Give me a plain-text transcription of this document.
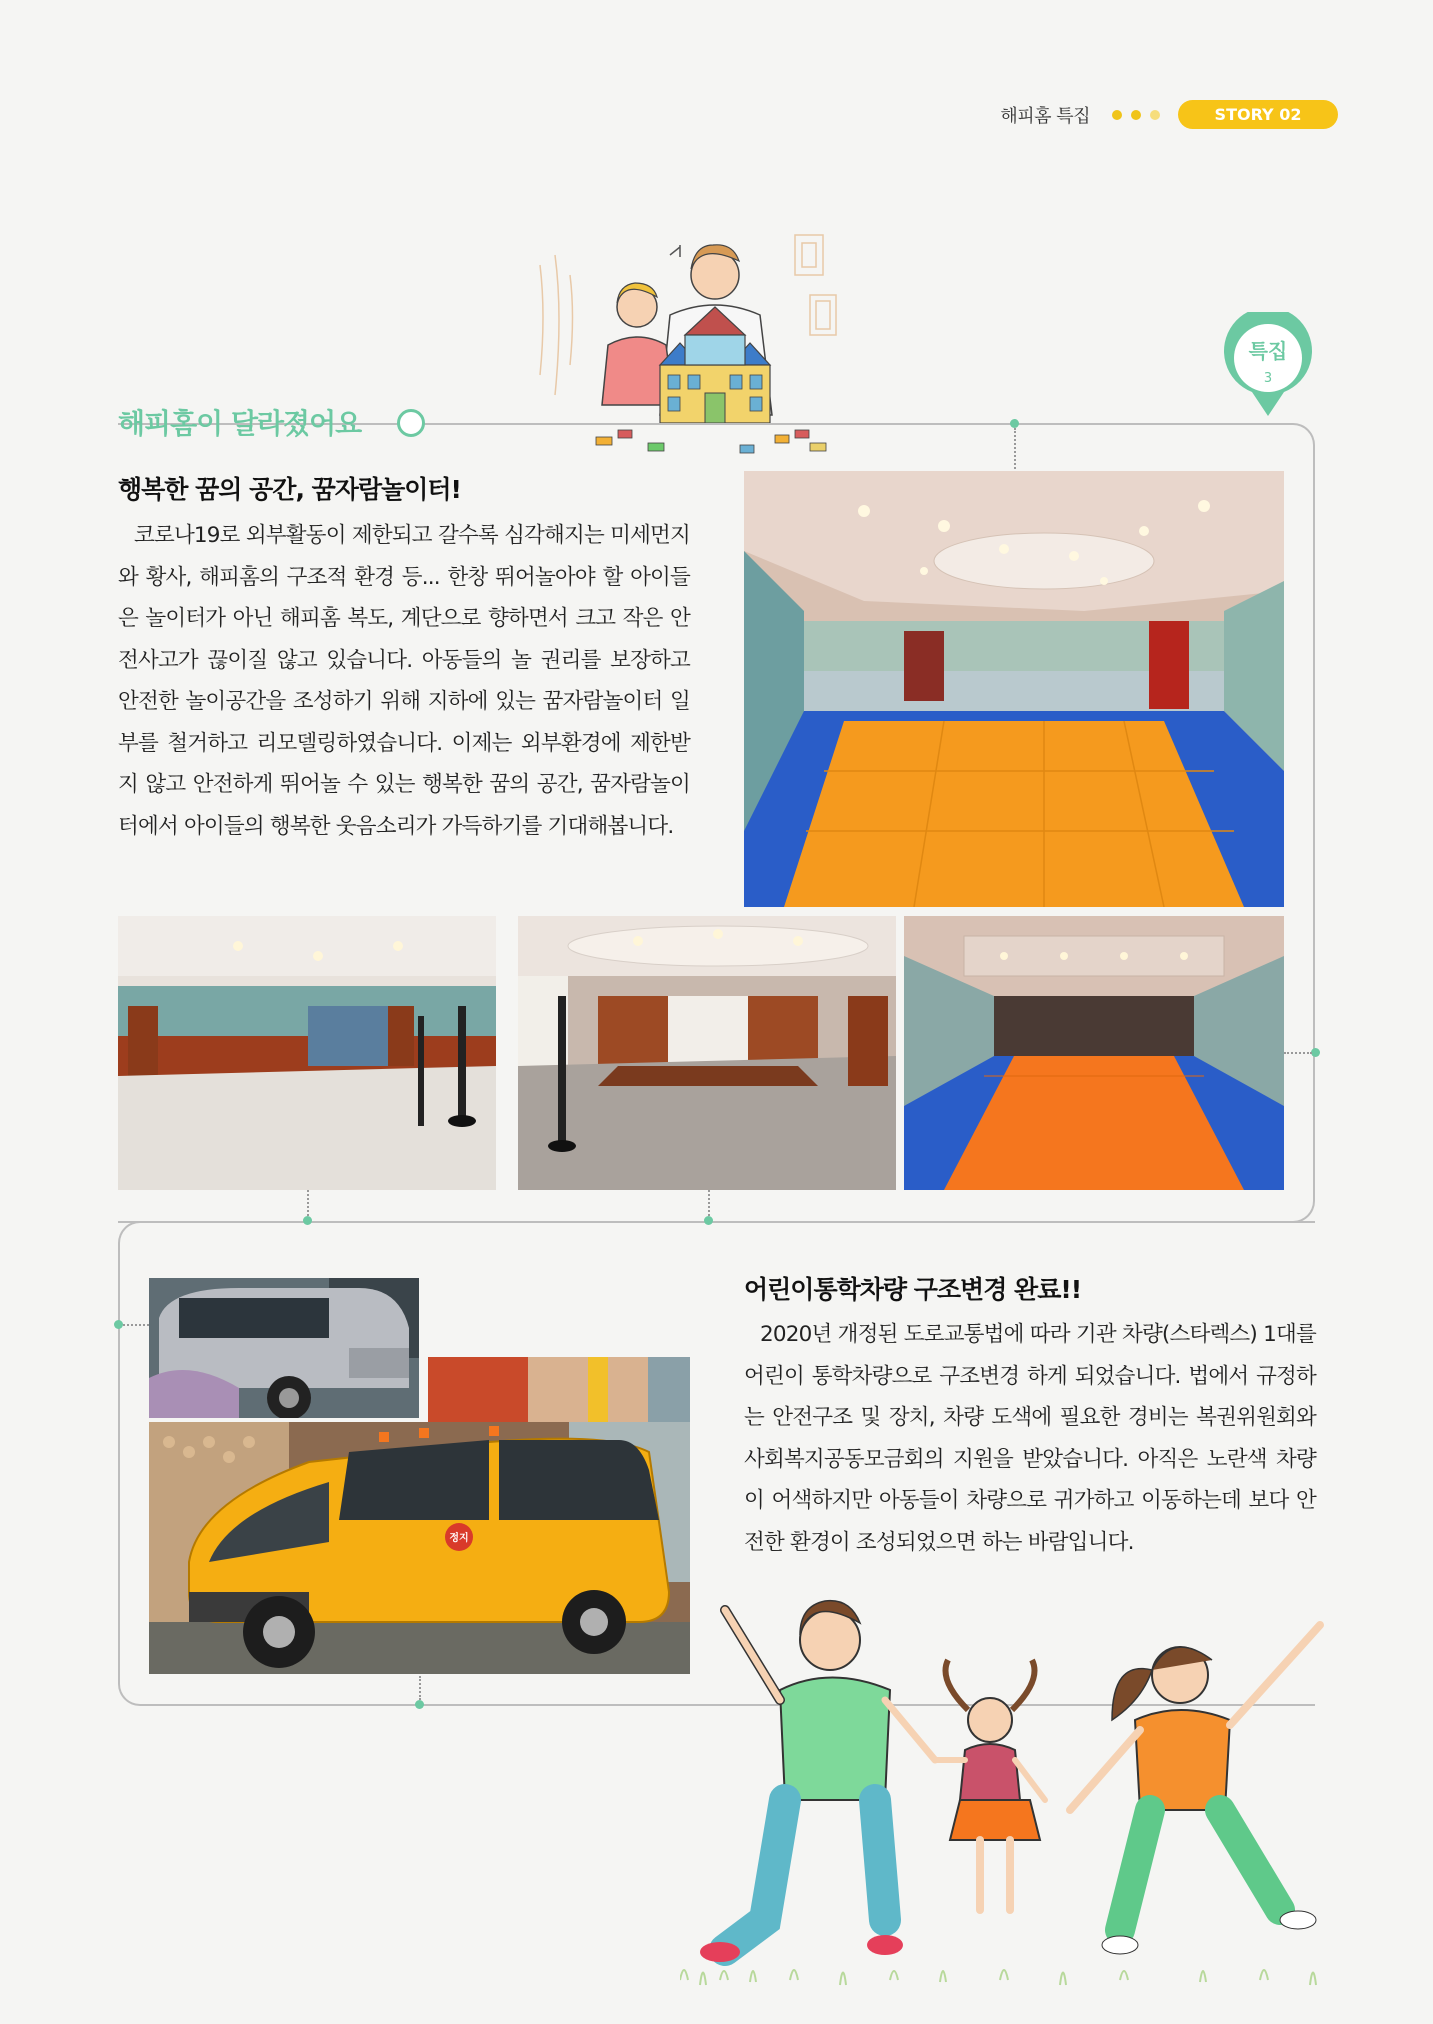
해피홈 특집	STORY 02
특집
3
해피홈이 달라졌어요
행복한 꿈의 공간, 꿈자람놀이터!
코로나19로 외부활동이 제한되고 갈수록 심각해지는 미세먼지와 황사, 해피홈의 구조적 환경 등... 한창 뛰어놀아야 할 아이들은 놀이터가 아닌 해피홈 복도, 계단으로 향하면서 크고 작은 안전사고가 끊이질 않고 있습니다. 아동들의 놀 권리를 보장하고 안전한 놀이공간을 조성하기 위해 지하에 있는 꿈자람놀이터 일부를 철거하고 리모델링하였습니다. 이제는 외부환경에 제한받지 않고 안전하게 뛰어놀 수 있는 행복한 꿈의 공간, 꿈자람놀이터에서 아이들의 행복한 웃음소리가 가득하기를 기대해봅니다.
어린이통학차량 구조변경 완료!!
2020년 개정된 도로교통법에 따라 기관 차량(스타렉스) 1대를 어린이 통학차량으로 구조변경 하게 되었습니다. 법에서 규정하는 안전구조 및 장치, 차량 도색에 필요한 경비는 복권위원회와 사회복지공동모금회의 지원을 받았습니다. 아직은 노란색 차량이 어색하지만 아동들이 차량으로 귀가하고 이동하는데 보다 안전한 환경이 조성되었으면 하는 바람입니다.
정지
